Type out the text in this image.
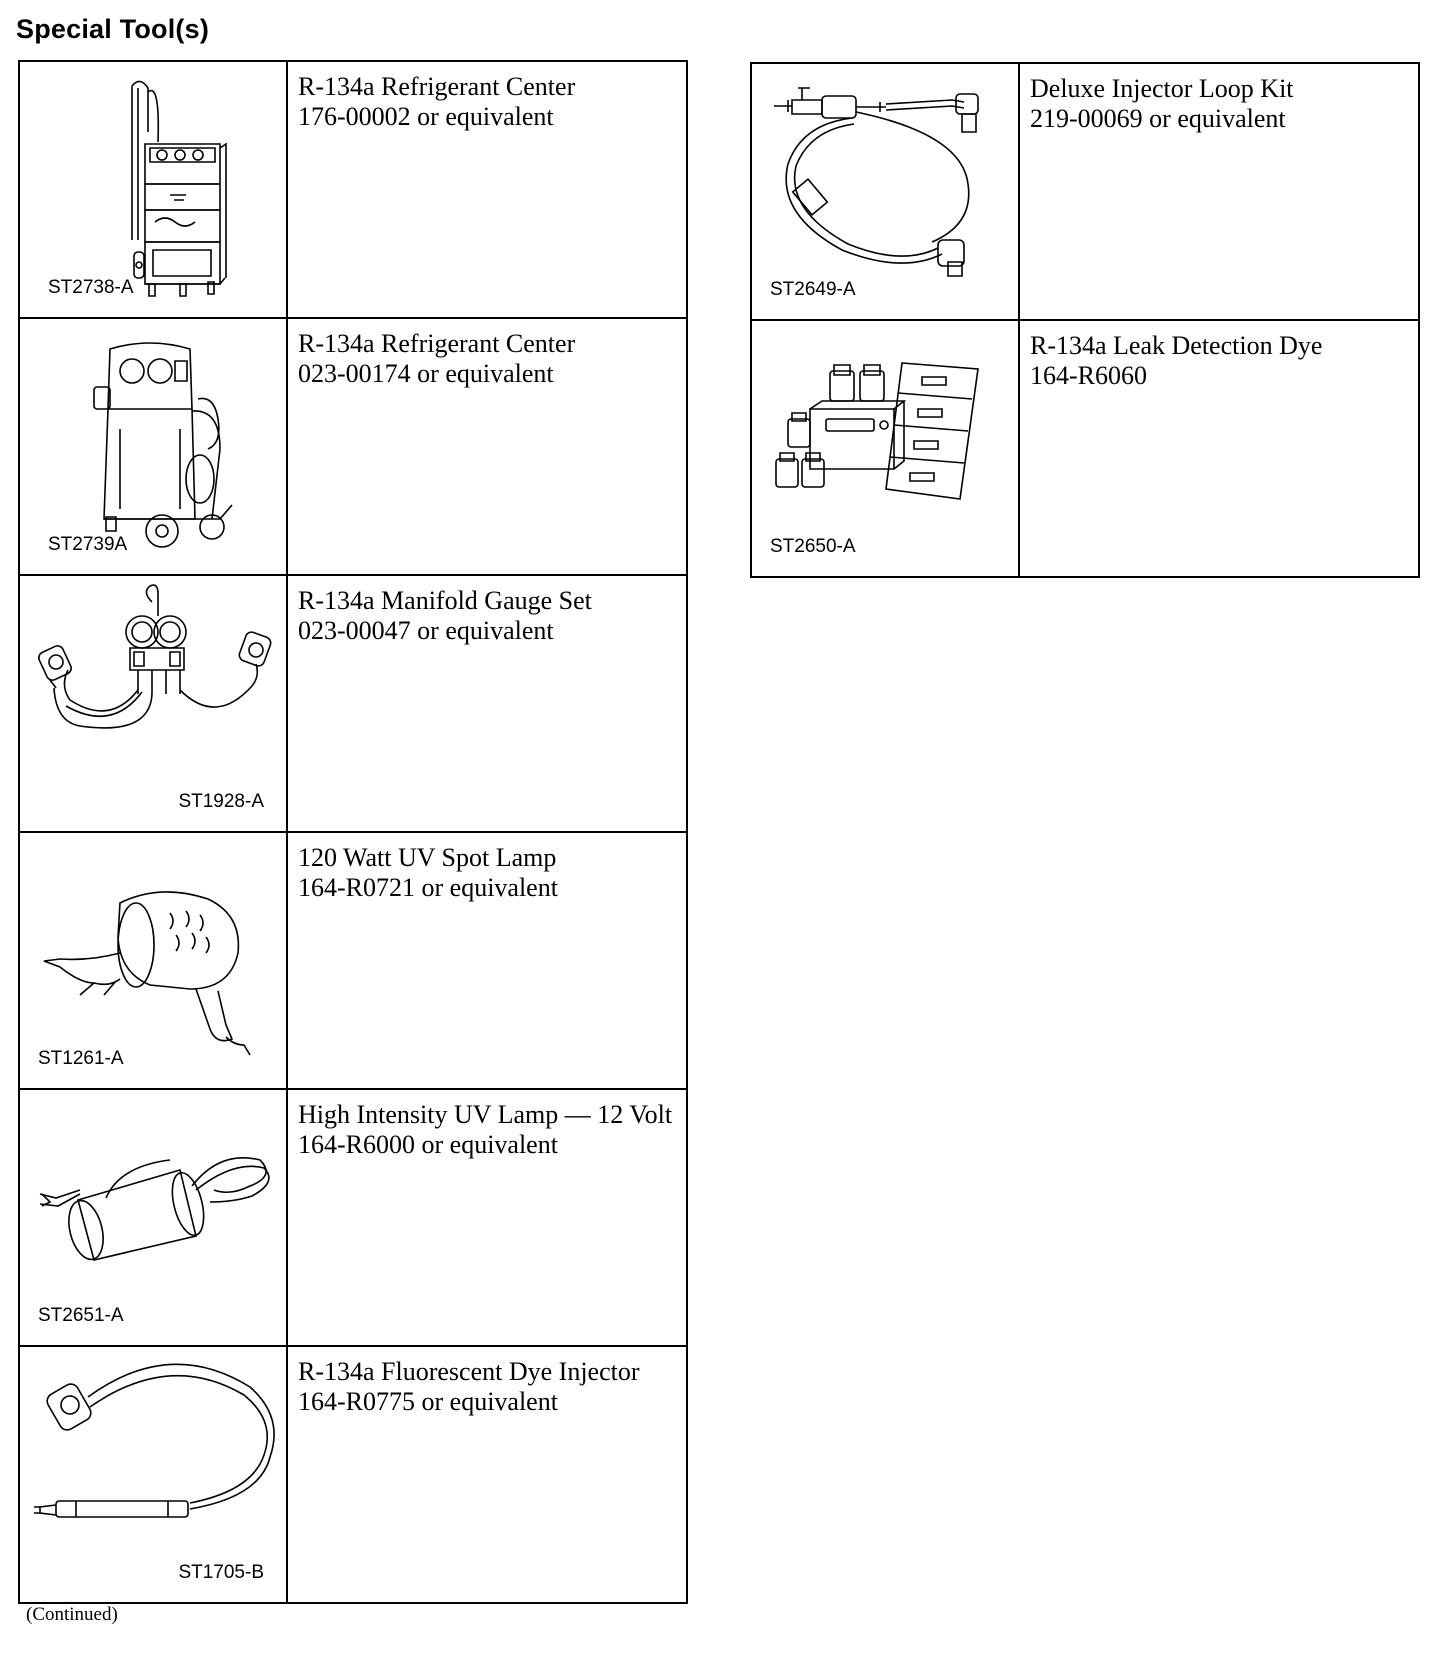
Special Tool(s)
ST2738-A	R-134a Refrigerant Center
176-00002 or equivalent

ST2739A	R-134a Refrigerant Center
023-00174 or equivalent

ST1928-A	R-134a Manifold Gauge Set
023-00047 or equivalent

ST1261-A	120 Watt UV Spot Lamp
164-R0721 or equivalent

ST2651-A	High Intensity UV Lamp — 12 Volt
164-R6000 or equivalent

ST1705-B	R-134a Fluorescent Dye Injector
164-R0775 or equivalent
ST2649-A	Deluxe Injector Loop Kit
219-00069 or equivalent

ST2650-A	R-134a Leak Detection Dye
164-R6060
(Continued)
